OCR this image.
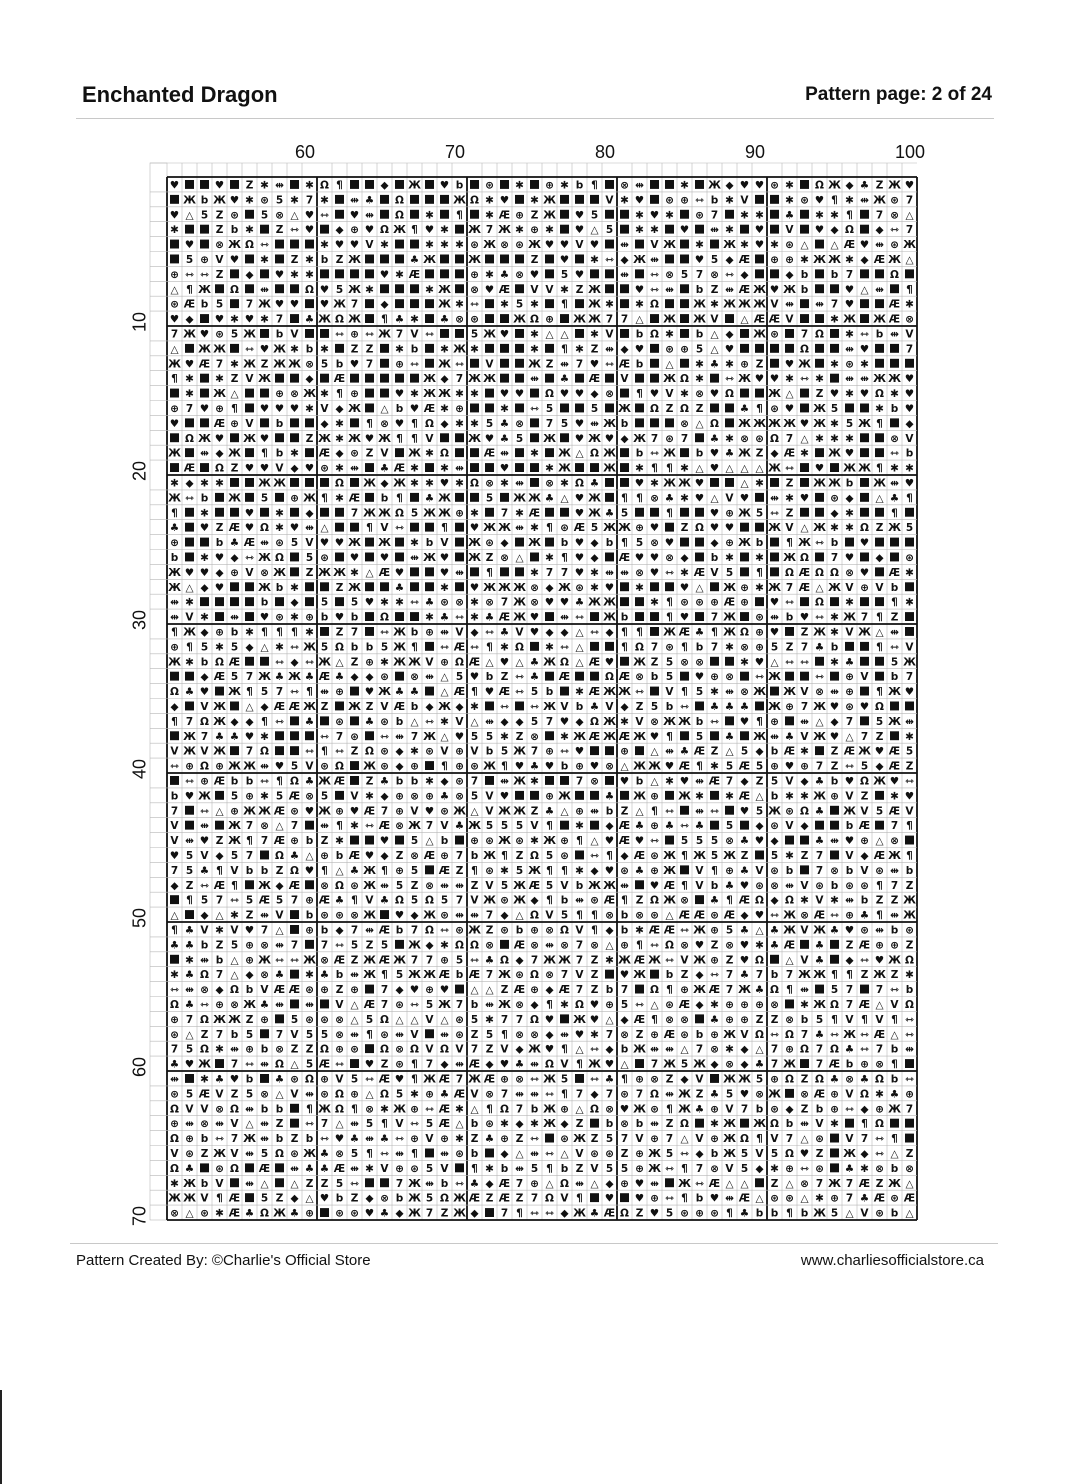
Enchanted Dragon	Pattern page: 2 of 24
60	70	80	90	100
10
20
30
40
50
60
70
♥	♥ Z ✱ ⇹ ✱ Ω ¶	◆ Ж ♥ b ⊛ ✱ ⊕ ✱ b ¶ ⊗ ⇹	✱ Ж ◆ ♥ ♥ ⊛ ✱ Ω Ж ◆ ♣ Z Ж ♥
Ж b Ж ♥ ✱ ⊛ 5 ✱ 7 ✱ ⇹ ♣ Ω	Ж Ω ✱ ♥ ✱ Ж	V ✱ ♥ ⊛ ⊕ ⇿ b ✱ V	✱ ⊛ ♥ ¶ ✱ ⇹ Ж ⊛ 7
♥ △ 5 Z ⊛ 5 ⊗ △ ♥ ⇿ ♥ ⇹ Ω ✱ ¶ ✱ Æ ⊕ Z Ж ♥ 5	✱ ♥ ✱ ⊛ 7 ✱ ✱ ♣ ✱ ✱ ¶ 7 ⊗ △
✱	Z b ✱ Z ⇿ ♥ ◆ ⊕ ♥ Ω Ж ¶ ♥ ✱ Ж 7 Ж ✱ ⊕ ✱ ♥ △ 5 ✱ ✱ ♥ ⇹ ✱ ♥ V ♥ ◆ Ω ◆ ⇿ 7
♥ ⊗ Ж Ω ⇿	✱ ♥ ♥ V ✱	✱ ✱ ✱ ⊛ Ж ⊗ ⊛ Ж ♥ ♥ V ♥ ⇹ V Ж ✱ Ж ✱ ♥ ✱ ⊛ △ △ Æ ♥ ⇹ ⊛ Ж
5 ⊕ V ♥ ✱ Z ✱ b Z Ж	♣ Ж	Ж	Z ♥ ✱ ⇿ ◆ Ж ⇹	♥ 5 ◆ Æ ⊕ ⊕ ✱ Ж Ж ✱ ◆ Æ Ж △
⊕ ⇿ ⇿ Z ◆ ♥ ✱ ✱	♥ ✱ Æ	⊕ ✱ ♣ ⊗ ♥ 5 ♥	⇹ ⇿ ⊗ 5 7 ⊗ ⇿ ◆	◆ b b 7	Ω
△ ¶ Ж Ω ⇹	Ω ♥ 5 Ж ✱	✱ Ж ⊗ ♥ Æ V V ✱ Z Ж	♥ ⇿ ⇹ b Z ⇹ Æ Ж ♥ Ж b	♥ △ ⇹ ¶
⊛ Æ b 5 7 Ж ♥ ♥ ♥ Ж 7 ◆	Ж ✱ ⇿ ✱ 5 ✱ ¶ Ж ✱ ✱ Ω	Ж ✱ Ж Ж Ж V ⇹ ⇹ 7 ♥	Æ ✱
♥ ◆ ♥ ✱ ♥ ✱ 7 ♣ Ж Ω Ж ¶ ♣ ✱ ♣ ⊗ ⊛	Ж Ω ⊕ Ж Ж 7 7 △ Ж Ж V △ Æ Æ V	✱ Ж Ж Æ ⊗
7 Ж ♥ ⊛ 5 Ж b V	⇿ ⊕ ⇿ Ж 7 V ⇿	5 Ж ♥ ✱ △ △ ✱ V b Ω ✱ b △ ◆ Ж ⊛ 7 Ω ✱ ⇿ b ⇹ V
△ Ж Ж ⇿ ♥ Ж ✱ b ✱ Z Z ✱ b ✱ Ж ✱	✱ ¶ ✱ Z ⇹ ◆ ♥ ⊛ ⊕ 5 △ ♥	Ω	⇹ ♥	7
Ж ♥ Æ 7 ✱ Ж Z Ж Ж ⊗ 5 b ♥ 7 ⊕ ⇿ Ж ⇿ V	Ж Z ⇹ 7 ♥ ⇿ Æ b △ ✱ ♣ ✱ ⊕ Z ♥ Ж ✱ ⊛ ✱
¶ ✱ ✱ Z V Ж	◆ Æ	Ж ◆ 7 Ж Ж	⇹ ♣ Æ V	Ж Ω ✱ ⇿ Ж ♥ ♥ ✱ ⇿ ✱ ⇹ ⇹ Ж Ж ♥
✱ Ж △	⊕ ⊗ Ж ✱ ¶ ⊕	♥ ✱ Ж Ж ✱ ✱ ♥ ♥ Ω ♥ ♥ ◆ ⊗ ¶ ♥ V ✱ ⊗ ♥ Ω	Ж △ Z ♥ ✱ ♥ Ω ✱ ♥
⊕ 7 ♥ ⊕ ¶ ♥ ♥ ♥ ✱ V ◆ Ж △ b ♥ Æ ✱ ⊕	✱ ⇿ 5	5 Ж Ω Z Ω Z	♣ ¶ ⊛ ♥ Ж 5	✱ b ♥
♥	Æ ⊕ V b	◆ ✱ ¶ ⊗ ♥ ¶ Ω ◆ ✱ ✱ 5 ♣ ⊗ 7 5 ♥ ⇹ Ж b	⊗ △ Ω Ж Ж Ж Ж ♥ Ж ✱ 5 Ж ¶ ◆
Ω Ж ♥ Ж ♥	Z Ж ✱ Ж ♥ Ж ¶ ¶ V	Ж ♥ ♣ 5 Ж ♥ Ж ♥ ◆ Ж 7 ⊛ 7 ♣ ✱ ⊗ ⊛ Ω 7 △ ✱ ✱ ✱	⊗ V
Ж ⇹ ◆ Ж ¶ b ✱ Æ ◆ ⊛ Z V Ж ✱ Ω	Æ ⇹ ✱ Ж △ Ω Ж b ⇿ Ж b ♥ ♣ Ж Z ◆ Æ ✱ Ж ♥	⇿ b
Æ Ω Z ♥ ♥ V ◆ ♥ ⊛ ✱ ⇹ ♣ Æ ✱ ✱ ⇹	♥	✱ Ж	Ж ✱ ¶ ¶ ✱ △ ♥ △ △ △ Ж ⇿ ♥ Ж Ж ¶ ✱ ✱
✱ ◆ ✱ ✱	Ж Ж	Ω Ж ◆ Ж ✱ ✱ ♥ ✱ Ω ⊗ ✱ ⇹ ⊗ ✱ Ω ♣	♥ ✱ Ж Ж ♥	△ ✱ Z Ж Ж b Ж ⇹ ♥
Ж ⇿ b Ж 5 ⊕ Ж ¶ ✱ Æ b ¶ ♣ Ж	5 Ж Ж ♣ △ ♥ Ж ¶ ¶ ⊗ ♣ ✱ ♥ △ V ♥ ⇹ ✱ ♥ ⊛ ◆ △ ♣ ¶
¶ ✱	♥ ✱ ◆	7 Ж Ж Ω 5 Ж Ж ⊕ ✱ 7 ✱ Æ	♥ Ж ♣ 5	¶	♥ ⊕ Ж 5 ⇿ Z	◆ ✱	¶
♣ ♥ Z Æ ♥ Ω ✱ ♥ ⇹ △	¶ V ⇿	¶ ♥ Ж Ж ⇹ ✱ ¶ ⊛ Æ 5 Ж Ж ⊕ ♥ Z Ω ♥ ♥	Ж V △ Ж ✱ ✱ Ω Z Ж 5
⊕	b ♣ Æ ⇹ ⊛ 5 V ♥ ♥ Ж Ж ✱ b V Ж ⊛ ◆ Ж b ♥ ◆ b ¶ 5 ⊗ ♥	◆ ⊕ Ж b ¶ Ж ⇿ b ♥
b ✱ ♥ ◆ ⇿ Ж Ω 5 ⊛ ♥ ♥ ⇹ Ж ♥ Ж Z ⊗ △ ✱ ¶ ♥ ◆ Æ ♥ ♥ ⊗ ◆ b ✱ ✱ Ж Ω 7 ♥ ◆ ⊛
Ж ♥ ♥ ◆ ⊕ V ⊗ Ж Z Ж Ж ✱ △ Æ ♥	♥ ⇹ ¶	✱ 7 7 ♥ ✱ ⇹ ⇹ ⊗ ♥ ⇿ ✱ Æ V 5 ¶ Ω Æ Ω Ω ⊗ ♥ Æ ✱
Ж △ ◆ ♥	Ж b ✱	Z Ж	♣	✱ ♥ Ж Ж Ж ⊗ ◆ Ж ⊛ ✱ ♥ ✱	♥ △ Ж ⊕ ✱ Ж 7 Æ △ Ж V ⊕ V b
⇹ ✱	b ◆ 5 5 ♥ ✱ ✱ ⇿ ♣ ⊛ ⊗ ✱ ⊗ 7 Ж ⊗ ♥ ♥ ♣ Ж Ж	✱ ¶ ⊛ ⊛ ⊕ Æ ⊕ ♥ ⇿ Ω ✱	¶ ✱
⇹ V ✱ ⇹ ♥ ⊛ ✱ ⊕ b ♥ b Ω	✱ ♣ ⇿ ✱ ♣ Æ Ж ♥ ⇹ ⇿ Ж b	¶ ♥ 7 Ж ⊛ ⇹ b ♥ ⇿ ✱ Ж 7 ¶ Z
¶ Ж ◆ ⊕ b ✱ ¶ ¶ ¶ ✱ Z 7 ⇿ Ж b ⊕ ⇹ V ◆ ⇿ ♣ V ♥ ◆ ◆ △ ⇿ ◆ ¶ ¶ Ж Æ ♣ ¶ Ж Ω ⊕ ♥ Z Ж ✱ V Ж △ ⇹
⊕ ¶ 5 ✱ 5 ◆ △ ✱ ⇿ Ж 5 Ω b b 5 Ж ¶ ⇿ Æ ⇿ ¶ ✱ Ω ✱ ⇿ △	¶ Ω 7 ⊛ ¶ b 7 ✱ ⊗ ⊕ 5 Z 7 ♣ b	¶ ⇿ V
Ж ✱ b Ω Æ	⇿ ◆ ⇿ Ж △ Z ⊕ ✱ Ж Ж V ⊕ Ω Æ △ ♥ △ ♣ Ж Ω △ Æ ♥ Ж Z 5 ⊗ ⊗	✱ ♥ △ ⇿ ⇿ ✱ ♣	5 Ж
◆ Æ 5 7 Ж ♣ Ж ♣ Æ ♣ ◆ ◆ ⊛ ⊗ ⇹ △ 5 ♥ b Z ⇿ ♣ Æ	Ω Æ ⊗ b 5 ♥ ⊕ ⊗ ⇿ Ж	⇿ ⊕ V b 7
Ω ♣ ♥ Ж ¶ 5 7 ⇿ ¶ ⇹ ⊕ ♥ Ж ♣ ♣ △ Æ ¶ ♥ Æ ⇿ 5 b ✱ Æ Ж Ж ⇿ V ¶ 5 ✱ ⇹ ⊗ Ж Ж V ⊗ ⇹ ⊕ ¶ Ж ♥
◆ V Ж △ ◆ Æ Æ Ж Z Ж Z V Æ b ◆ Ж ◆ ✱ ⇿ ⇿ Ж V b ♣ V ◆ Z 5 b ⇿ ♣ ♣ ♣ Ж ⊕ 7 Ж ♥ ⊛ ♥ Ω
¶ 7 Ω Ж ◆ ◆ ¶ ⇿ ♣ ⊛ ♣ ⊛ b △ ⇿ ✱ V △ ⇹ ◆ ◆ 5 7 ♥ ◆ Ω Ж ✱ V ⊗ Ж Ж b ⇿ ♥ ¶ ⊕ ⇹ △ ◆ 7 5 Ж ⇹
Ж 7 ♣ ♣ ♥ ✱	⇿ 7 ⊛ ⇿ ⇹ 7 Ж △ ♥ 5 5 ✱ Z ⊗ ✱ Ж Æ Ж Æ Ж ♥ ¶ 5 ♣ Ж ⇹ ♣ V Ж ♥ △ 7 Z ✱
V Ж V Ж 7 Ω	⇿ ¶ ⇿ Z Ω ⊛ ◆ ✱ ⊛ V ⊕ V b 5 Ж 7 ⊕ ⇿ ♥	⊕ △ ⇹ ♣ Æ Z △ 5 ◆ b Æ ✱ Z Æ Ж ♥ Æ 5
⇿ ⊕ Ω ⊕ Ж Ж ⇹ ♥ 5 V ⊛ Ω Ж ⊛ ◆ ⊕ ¶ ⊕ ⊛ Ж ¶ ♥ ♣ ♥ b ⊕ ♥ ⊗ △ Ж Ж ♥ Æ ¶ ✱ 5 Æ 5 ⊕ ♥ ⊕ 7 Z ⇿ 5 ◆ Æ Z
⇿ ⊕ Æ b b ⇿ ¶ Ω ♣ Ж Æ Z ♣ b b ✱ ◆ ⊛ 7 ⇹ Ж ✱	7 ⊗ ♥ b △ ✱ ♥ ⇹ Æ 7 ◆ Z 5 V ◆ ♣ b ♥ Ω Ж ♥ ⇿
b ♥ Ж 5 ⊕ ✱ 5 Æ ⊗ 5 V ✱ ◆ ⊕ ⊗ ⊕ ♣ ⊗ 5 V ♥	⊕ Ж	♣ Ж ⊕ Ж ✱ ✱ Æ △ b ✱ ✱ Ж ⊕ V Z ✱ ♥
7 ⇿ △ ⊕ Ж Ж Æ ⊛ ♥ Ж ⊕ ♥ Æ 7 ⊕ V ♥ ⊛ Ж △ V Ж Ж Z ♣ △ ⊕ ⇹ b Z △ ¶ ⇿ ⇹ ⇿ ♥ 5 Ж ⊛ Ω ♣ Ж V 5 Æ V
V ⇹ Ж 7 ⊗ △ 7 ⇹ ¶ ✱ ⇿ Æ ⊗ Ж 7 V ♣ Ж 5 5 5 V ¶ ✱ ◆ Æ ♣ ⊕ ♣ ⇿ ♣ 5 ◆ ⊛ V ◆	b Æ 7 ¶
V ⇹ ♥ Z Ж ¶ 7 Æ ⊕ b Z ✱	♥ 5 △ b ⊕ ⊛ Ж ⊛ ✱ Ж ⊕ ¶ △ ♥ Æ ♥ ⇿ 5 5 5 ⊗ ♣ ♥ ◆	♣ ⇹ ♥ ⊕ △ ⊗
♥ 5 V ◆ 5 7 Ω ♣ △ ⊕ b Æ ♥ ◆ Z ⊗ Æ ⊕ 7 b Ж ¶ Z Ω 5 ⊛ ⇿ ¶ ◆ Æ ⊛ Ж ¶ Ж 5 Ж Z 5 ✱ Z 7 V ◆ Æ Ж ¶
7 5 ♣ ¶ V b b Z Ω ♥ ¶ △ ♣ Ж ¶ ⊕ 5 Æ Z ¶ ⊛ ✱ 5 Ж ¶ ¶ ✱ ◆ ♥ ⊛ ♣ ⊕ Ж V ¶ ⊕ ♣ V ⊛ b 7 ⊗ b V ⊛ ⇹ b
◆ Z ⇿ Æ ¶ Ж ◆ Æ ⊗ Ω ⊛ Ж ⇹ 5 Z ⊗ ⇹ ⇹ Z V 5 Ж Æ 5 V b Ж Ж ⇹ ♥ Æ ¶ V b ♣ ♥ ⊛ ⊗ ⇹ V ⊛ b ⊛ ⊛ ¶ 7 Z
¶ 5 7 ⇿ 5 Æ 5 7 ⊕ Æ ♣ ¶ V ♣ Ω 5 Ω 5 7 V Ж ⊛ Ж ◆ ¶ b ⇹ ⊛ Æ ¶ Z Ω Ж ⊗ ♣ ¶ Æ Ω ◆ Ω ✱ V ✱ ⇹ b Z Z Ж
△ ◆ △ ✱ Z ⇹ V b ⊛ ⊛ ⊗ Ж ♥ ◆ Ж ⊛ ⇹ ⇹ 7 ◆ △ Ω V 5 ¶ ¶ ⊗ b ⊗ ⊛ △ Æ Æ ⊛ Æ ◆ ♥ ⇿ Ж ⊗ Æ ⇿ ⊕ ♣ ¶ ⇹ Ж
¶ ♣ V ✱ V ♥ 7 △ ⊕ b ◆ 7 ⇹ Æ b 7 Ω ⇿ ⊛ Ж Z ⊛ b ⊕ ⊗ Ω V ¶ ◆ b ✱ Æ Æ ⇿ Ж ⊕ 5 ♣ △ ♣ Ж V Ж ♣ ♥ ⊛ ⇹ b ⊛
♣ ♣ b Z 5 ⊕ ⊗ ⇹ 7 7 ⇿ 5 Z 5 Ж ◆ ✱ Ω Ω ⊗ Æ ⊗ ⇹ ⊗ 7 ⊗ △ ⊕ ¶ ⇿ Ω ⊗ ♥ Z ⊗ ♥ ✱ ♣ Æ ♣ Z Æ ⊕ ⊕ Z
✱ ⇹ b △ ⊕ Ж ⇿ ⇿ Ж ⊗ Æ Z Ж Æ Ж 7 7 ⊕ 5 ⇿ ♣ Ω ◆ 7 Ж Ж 7 Z ✱ Ж Æ Ж ⇿ V Ж ⊕ Z ♥ Ω △ V ♣ ◆ ⇿ ♥ Ж Ω
✱ ♣ Ω 7 △ ◆ ⊗ ♣ ✱ ♣ b ⇹ Ж ¶ 5 Ж Ж Æ b Æ 7 Ж ⊛ Ω ⊗ 7 V Z ♥ Ж b Z ◆ ⇿ 7 ♣ 7 b 7 Ж Ж ¶ ¶ Z Ж Z ✱
⇿ ⇹ ⊗ ◆ Ω b V Æ Æ ⊛ ⊕ Z ⊕ 7 ◆ ♥ ⊕ ♥ △ △ Z Æ ⊕ ◆ Æ 7 Z b 7 Ω ¶ ⊕ Ж Æ 7 Ж ♣ Ω ¶ ⇹ 5 7 7 ⇿ b
Ω ♣ ⇿ ⊕ ⊗ Ж ♣ ⇹ ⇹ V △ Æ 7 ⊛ ⇿ 5 Ж 7 b ⇹ Ж ⊗ ◆ ¶ ✱ Ω ♥ ⊕ 5 ⇿ △ ⊛ Æ ◆ ✱ ⊕ ⊕ ⊕ ⊗ ✱ Ж Ω 7 Æ △ V Ω
⊕ 7 Ω Ж Ж Z ⊕ 5 ⊛ ⊛ ⊗ △ 5 Ω △ △ V △ ⊛ 5 ✱ 7 7 Ω ♥ Ж ♥ △ ◆ Æ ¶ ⊗ ⊗ ♣ ⊕ ⊕ Z Z ⊗ b 5 ¶ V ¶ V ¶ ⇿
⊛ △ Z 7 b 5 7 V 5 5 ⊗ ⇹ ¶ ⊛ ⇹ V ⇹ ⊛ Z 5 ¶ ⊗ ⊗ ◆ ⇹ ♥ ✱ 7 ⊗ Z ⊕ Æ ⊛ b ⊕ Ж V Ω ⇿ Ω 7 ♣ ⇿ Ж ⇿ Æ △ ⇿
7 5 Ω ✱ ⇹ ⊕ b ⊗ Z Z Ω ⊕ ⊛ Ω ⊗ Ω V Ω V 7 Z V ◆ Ж ♥ ¶ △ ⇿ ◆ b Ж ⇹ ⇹ △ 7 ⊗ ✱ ◆ △ 7 ⊕ Ω 7 Ω ♣ ⇿ 7 b ⇹
♣ ♥ Ж 7 ⇿ ⇹ Ω △ 5 Æ ⇿ ♥ Z ⊛ ¶ 7 ◆ ⇹ Æ ◆ ♥ ♣ ⇹ Ω V ¶ Ж ♥ △ 7 Ж 5 Ж ◆ ⊗ ◆ ♣ 7 Ж 7 Æ b ⊕ ⊗ ¶
⇹ ✱ ♣ ♥ b ♣ ⊛ Ω ⊕ V 5 ⇿ Æ ♥ ¶ Ж Æ 7 Ж Æ ⊕ ⊗ ⇿ Ж 5 ⇿ ♣ ¶ ⊕ ⊗ Z ◆ V Ж Ж 5 ⊕ Ω Z Ω ♣ ⊗ ♣ Ω b ⇿
⊛ 5 Æ V Z 5 ⊗ △ V ⇹ ⊛ Ω ⊕ △ Ω 5 ✱ ⊕ ♣ Æ V ⊗ 7 ⇹ ⇹ ⇿ ¶ 7 ◆ 7 ⊛ 7 Ω ⇹ Ж Z ♣ 5 ♥ ⊗ Ж ⊗ Æ ⊕ V Ω ✱ ♣ ⊕
Ω V V ⊗ Ω ⇹ b b ¶ Ж Ω ¶ ⊗ ✱ Ж ⊕ ⇿ Æ ✱ △ ¶ Ω 7 b Ж ⊕ △ Ω ⊗ ♥ Ж ⊛ ¶ Ж ♣ ⊕ V 7 b ⊛ ◆ Z b ⊕ ⇿ ◆ ⊕ Ж 7
⊕ ⇹ ⊗ ⇹ V △ ⇹ Z ⇿ 7 △ ⇹ 5 ¶ V ⇿ 5 Æ △ b ⊛ ✱ ◆ ✱ Ж ◆ Z b ⊗ b ⇹ Z Ω ✱ Ж Ж Ω b ⇹ V ✱ ¶ Ω
Ω ⊕ b ⇿ 7 Ж ⇹ b Z b ⇿ ♥ ♣ ⇹ ♣ ⇿ ⊕ V ⊕ ✱ Z ♣ ⊕ Z ⇿ ⊛ Ж Z 5 7 V ⊕ 7 △ V ⊕ Ж Ω ¶ V 7 △ ⊛ V 7 ⇿ ¶
V ⊛ Z Ж V ⇹ 5 Ω ⊛ Ж ♣ ⊗ 5 ¶ ⇿ ⇹ ¶ ⇹ ⊛ b ◆ △ ⇹ ⇿ △ V ⊛ ⊛ Z ⊕ Ж 5 ⇿ ◆ b Ж 5 V 5 Ω ♥ Z Ж ◆ ⇿ △ Z
Ω ♣ ⊛ Ω Æ ⇹ ♣ ♣ Æ ⇹ ✱ V ⊕ ⊛ 5 V ¶ ✱ b ⇹ 5 ¶ b Z V 5 5 ⊕ Ж ⇿ ¶ 7 ⊗ V 5 ◆ ✱ ⊕ ⇿ ⊛ ♣ ✱ ⊗ b ⊗
✱ Ж b V ⇹ △ △ Z Z 5 ⇿	7 Ж ⇹ b ⇿ ♣ ◆ Æ 7 ⊕ △ Ω ⇹ △ ◆ ⊕ ♥ ⇹ Ж ⇿ Æ △ △ Z △ ⊗ 7 Ж 7 Æ Z Ж △
Ж Ж V ¶ Æ 5 Z ◆ △ ♥ b Z ◆ ⊗ b Ж 5 Ω Ж Æ Z Æ Z 7 Ω V ¶ ♥ ♥ ⊕ ⇿ ¶ b ♥ ⇹ Æ △ ⊛ ⊛ △ ✱ ⊕ 7 ♣ Æ ⊛ Æ
⊗ △ ⊛ ✱ Æ ♣ Ω Ж ♣ ⊕ ⊛ ⊛ ♥ ♣ ◆ Ж 7 Z Ж ◆ 7 ¶ ⇿ ⇿ ◆ Ж ♣ Æ Ω Z ♥ 5 ⊛ ⊕ ⊛ ¶ ♣ b b ¶ b Ж 5 △ V ⊛ b △
Pattern Created By: ©Charlie's Official Store	www.charliesofficialstore.ca
